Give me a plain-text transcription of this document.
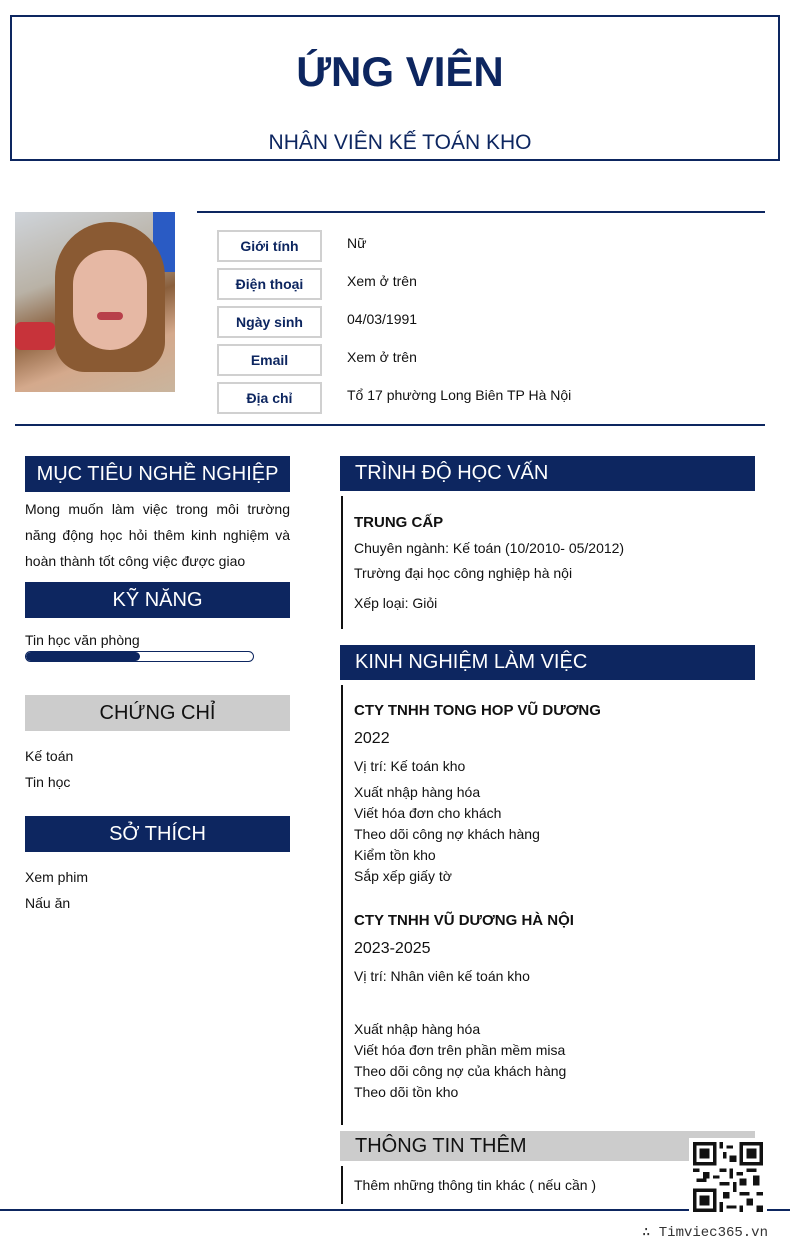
ỨNG VIÊN
NHÂN VIÊN KẾ TOÁN KHO
Giới tính	Nữ
Điện thoại	Xem ở trên
Ngày sinh	04/03/1991
Email	Xem ở trên
Địa chỉ	Tổ 17 phường Long Biên TP Hà Nội
MỤC TIÊU NGHỀ NGHIỆP
Mong muốn làm việc trong môi trường năng động học hỏi thêm kinh nghiệm và hoàn thành tốt công việc được giao
KỸ NĂNG
Tin học văn phòng
CHỨNG CHỈ
Kế toán
Tin học
SỞ THÍCH
Xem phim
Nấu ăn
TRÌNH ĐỘ HỌC VẤN
TRUNG CẤP
Chuyên ngành: Kế toán (10/2010- 05/2012)
Trường đại học công nghiệp hà nội
Xếp loại: Giỏi
KINH NGHIỆM LÀM VIỆC
CTY TNHH TONG HOP VŨ DƯƠNG
2022
Vị trí: Kế toán kho
Xuất nhập hàng hóa
Viết hóa đơn cho khách
Theo dõi công nợ khách hàng
Kiểm tồn kho
Sắp xếp giấy tờ
CTY TNHH VŨ DƯƠNG HÀ NỘI
2023-2025
Vị trí: Nhân viên kế toán kho
Xuất nhập hàng hóa
Viết hóa đơn trên phần mềm misa
Theo dõi công nợ của khách hàng
Theo dõi tồn kho
THÔNG TIN THÊM
Thêm những thông tin khác ( nếu cần )
∴ Timviec365.vn
